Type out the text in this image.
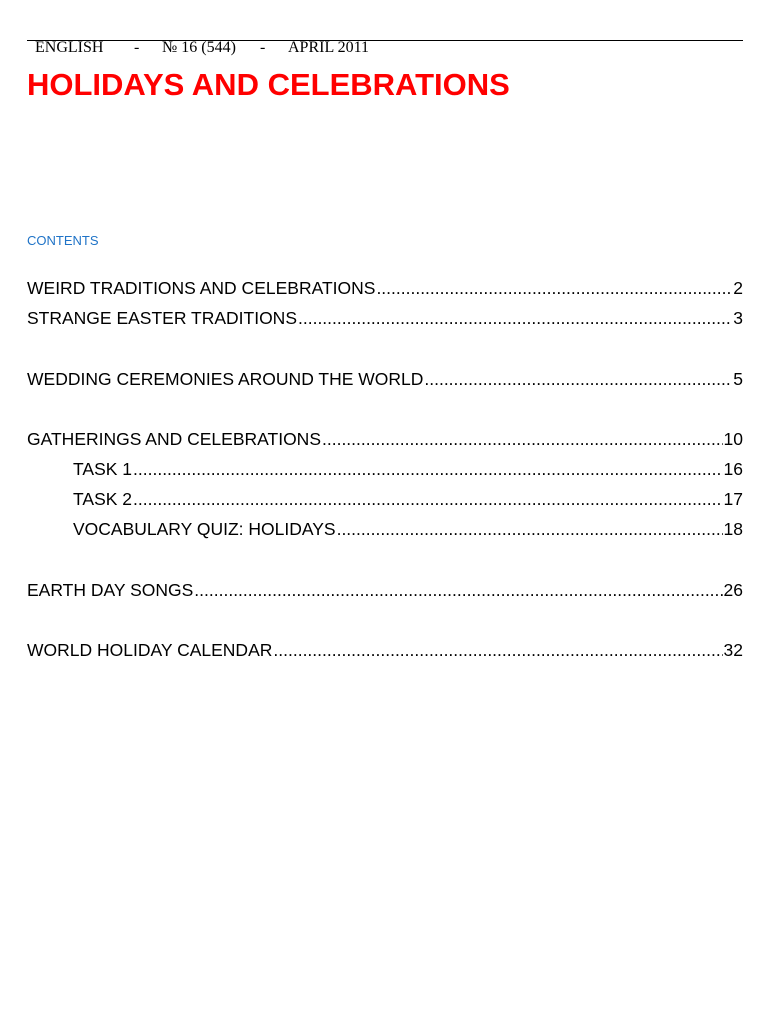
ENGLISH - № 16 (544) - APRIL 2011

HOLIDAYS AND CELEBRATIONS
CONTENTS
WEIRD TRADITIONS AND CELEBRATIONS .....	2
STRANGE EASTER TRADITIONS .....	3
WEDDING CEREMONIES AROUND THE WORLD .....	5
GATHERINGS AND CELEBRATIONS .....	10
TASK 1 .....	16
TASK 2 .....	17
VOCABULARY QUIZ: HOLIDAYS .....	18
EARTH DAY SONGS .....	26
WORLD HOLIDAY CALENDAR .....	32
